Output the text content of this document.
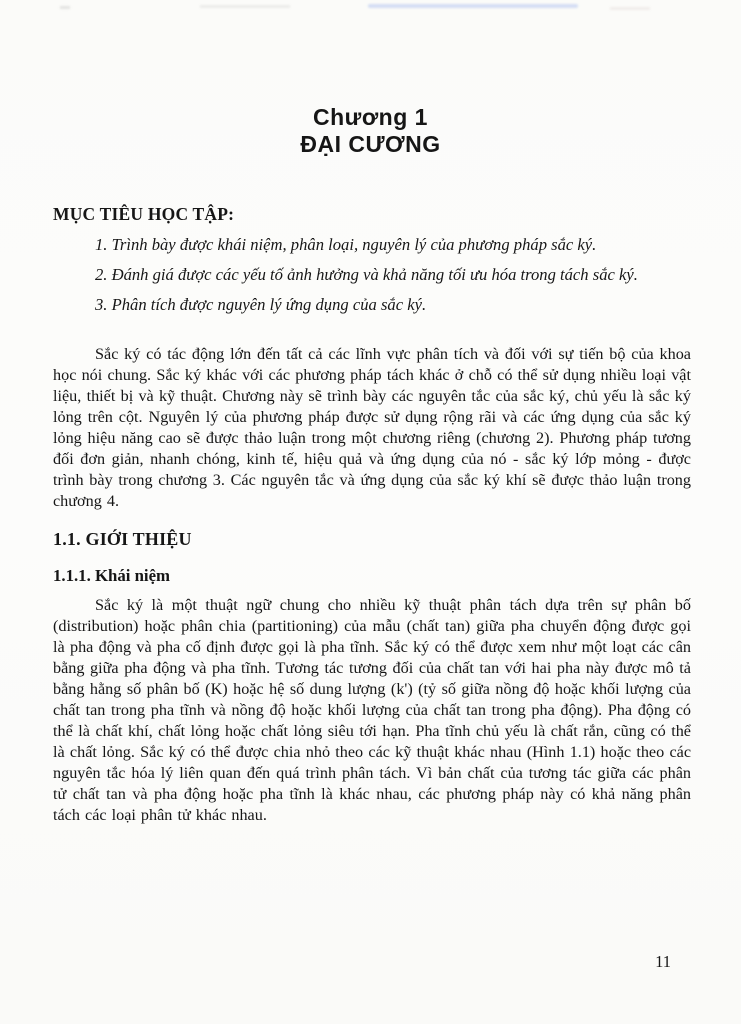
Chương 1
ĐẠI CƯƠNG
MỤC TIÊU HỌC TẬP:
1. Trình bày được khái niệm, phân loại, nguyên lý của phương pháp sắc ký.
2. Đánh giá được các yếu tố ảnh hưởng và khả năng tối ưu hóa trong tách sắc ký.
3. Phân tích được nguyên lý ứng dụng của sắc ký.
Sắc ký có tác động lớn đến tất cả các lĩnh vực phân tích và đối với sự tiến bộ của khoa học nói chung. Sắc ký khác với các phương pháp tách khác ở chỗ có thể sử dụng nhiều loại vật liệu, thiết bị và kỹ thuật. Chương này sẽ trình bày các nguyên tắc của sắc ký, chủ yếu là sắc ký lỏng trên cột. Nguyên lý của phương pháp được sử dụng rộng rãi và các ứng dụng của sắc ký lỏng hiệu năng cao sẽ được thảo luận trong một chương riêng (chương 2). Phương pháp tương đối đơn giản, nhanh chóng, kinh tế, hiệu quả và ứng dụng của nó - sắc ký lớp mỏng - được trình bày trong chương 3. Các nguyên tắc và ứng dụng của sắc ký khí sẽ được thảo luận trong chương 4.
1.1. GIỚI THIỆU
1.1.1. Khái niệm
Sắc ký là một thuật ngữ chung cho nhiều kỹ thuật phân tách dựa trên sự phân bố (distribution) hoặc phân chia (partitioning) của mẫu (chất tan) giữa pha chuyển động được gọi là pha động và pha cố định được gọi là pha tĩnh. Sắc ký có thể được xem như một loạt các cân bằng giữa pha động và pha tĩnh. Tương tác tương đối của chất tan với hai pha này được mô tả bằng hằng số phân bố (K) hoặc hệ số dung lượng (k') (tỷ số giữa nồng độ hoặc khối lượng của chất tan trong pha tĩnh và nồng độ hoặc khối lượng của chất tan trong pha động). Pha động có thể là chất khí, chất lỏng hoặc chất lỏng siêu tới hạn. Pha tĩnh chủ yếu là chất rắn, cũng có thể là chất lỏng. Sắc ký có thể được chia nhỏ theo các kỹ thuật khác nhau (Hình 1.1) hoặc theo các nguyên tắc hóa lý liên quan đến quá trình phân tách. Vì bản chất của tương tác giữa các phân tử chất tan và pha động hoặc pha tĩnh là khác nhau, các phương pháp này có khả năng phân tách các loại phân tử khác nhau.
11
